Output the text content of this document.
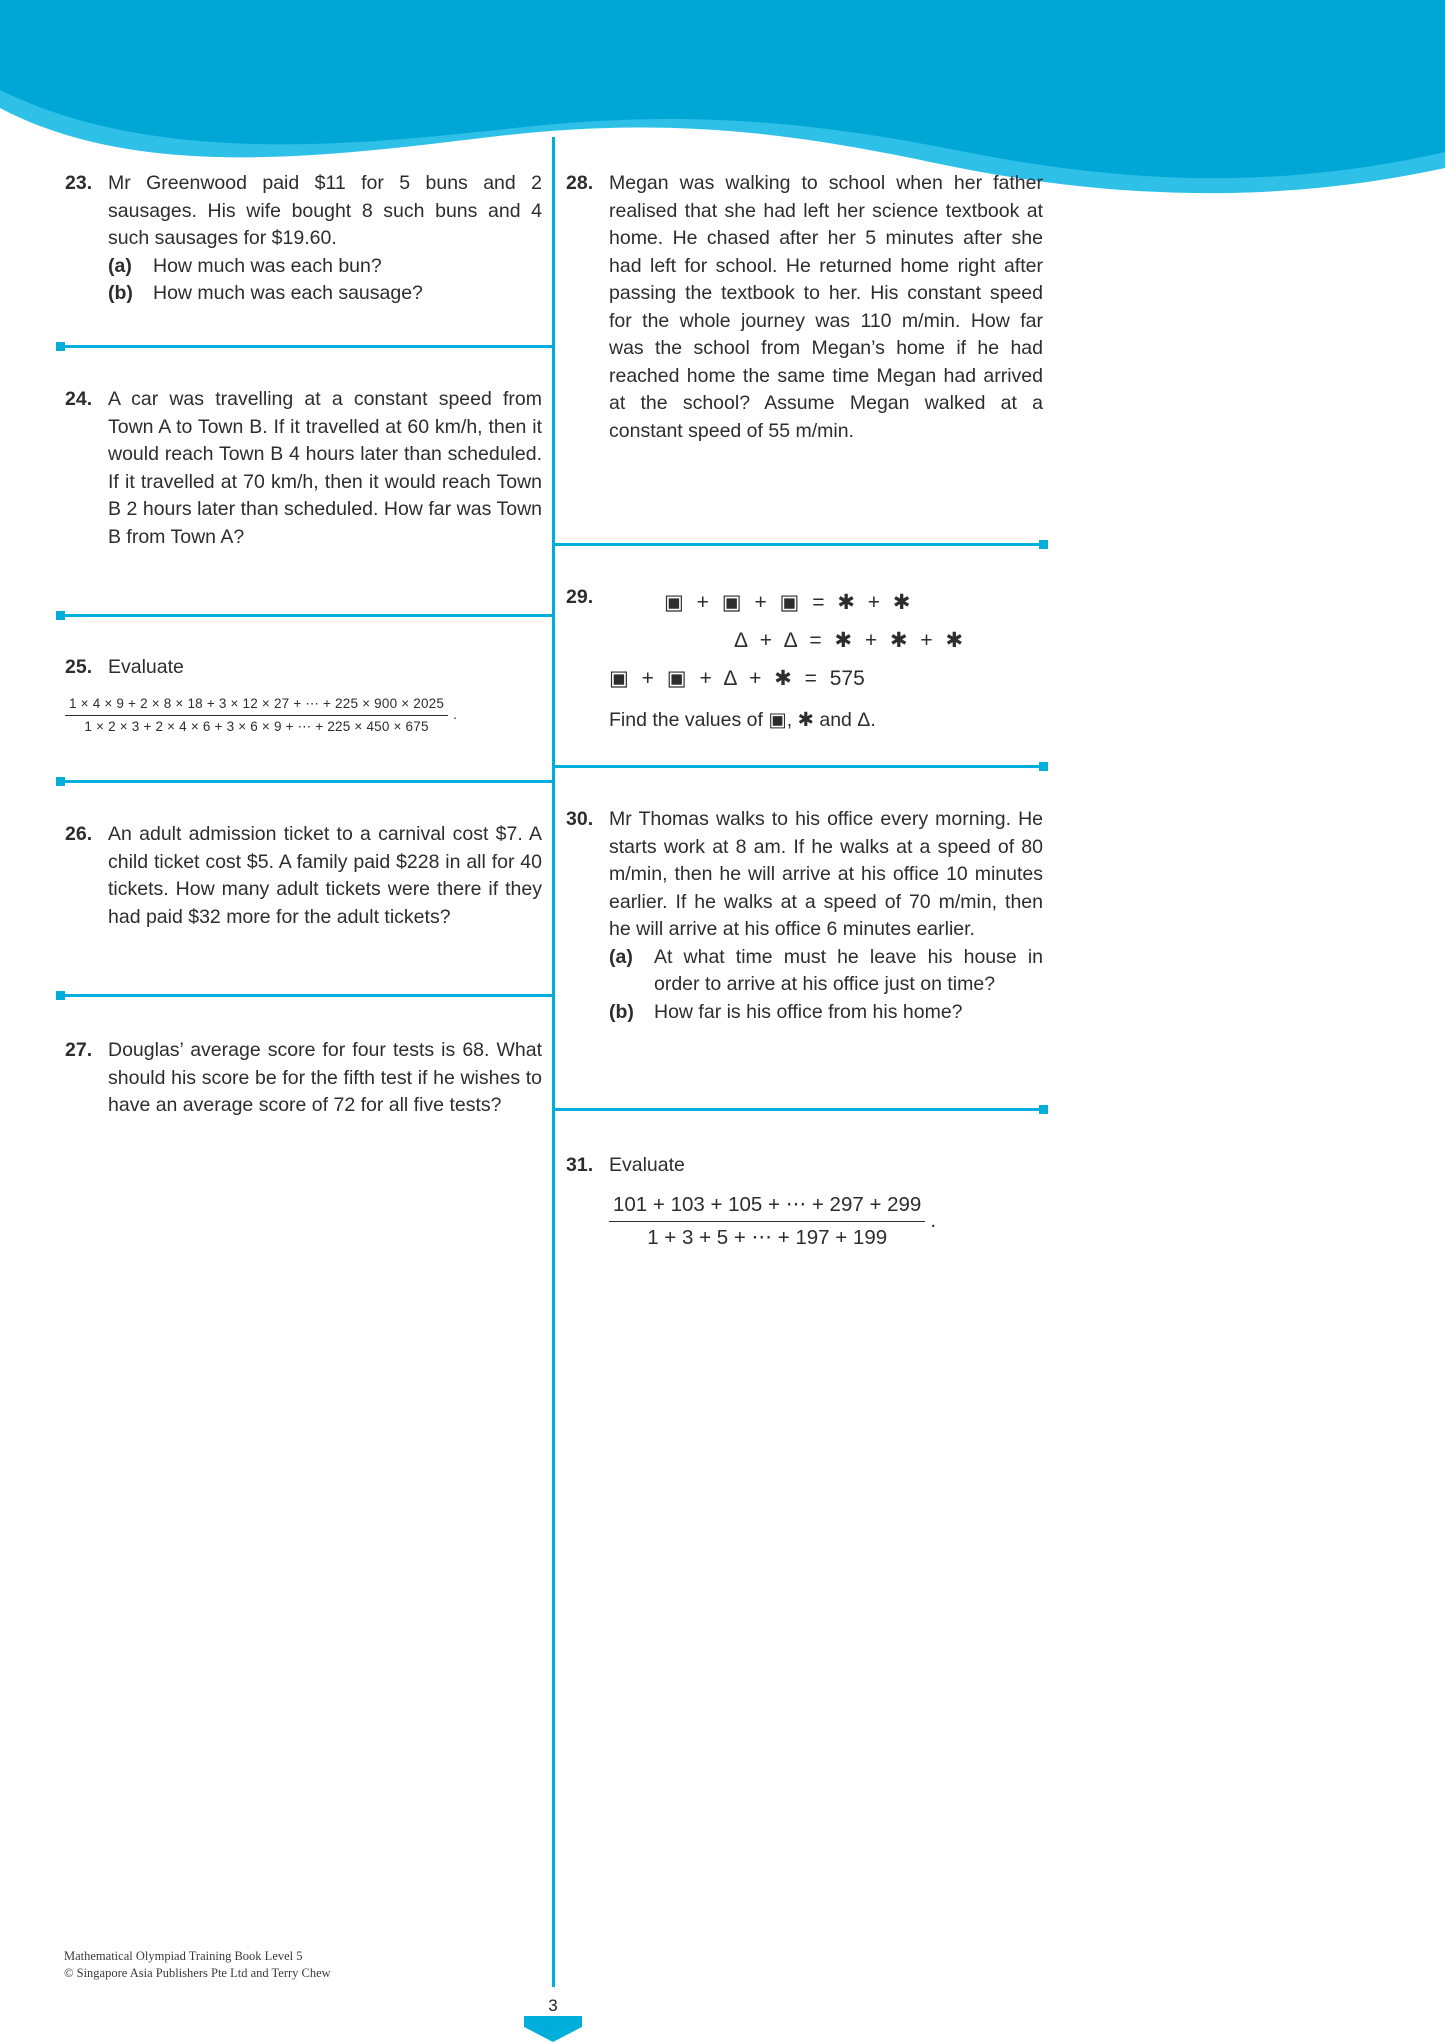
23. Mr Greenwood paid $11 for 5 buns and 2 sausages. His wife bought 8 such buns and 4 such sausages for $19.60.
(a)	How much was each bun?
(b)	How much was each sausage?
24. A car was travelling at a constant speed from Town A to Town B. If it travelled at 60 km/h, then it would reach Town B 4 hours later than scheduled. If it travelled at 70 km/h, then it would reach Town B 2 hours later than scheduled. How far was Town B from Town A?
25. Evaluate
$\frac{1 \times 4 \times 9 + 2 \times 8 \times 18 + 3 \times 12 \times 27 + \cdots + 225 \times 900 \times 2025}{1 \times 2 \times 3 + 2 \times 4 \times 6 + 3 \times 6 \times 9 + \cdots + 225 \times 450 \times 675}$ .
26. An adult admission ticket to a carnival cost $7. A child ticket cost $5. A family paid $228 in all for 40 tickets. How many adult tickets were there if they had paid $32 more for the adult tickets?
27. Douglas’ average score for four tests is 68. What should his score be for the fifth test if he wishes to have an average score of 72 for all five tests?
28. Megan was walking to school when her father realised that she had left her science textbook at home. He chased after her 5 minutes after she had left for school. He returned home right after passing the textbook to her. His constant speed for the whole journey was 110 m/min. How far was the school from Megan’s home if he had reached home the same time Megan had arrived at the school? Assume Megan walked at a constant speed of 55 m/min.
29.	▣ + ▣ + ▣ = ✱ + ✱
Δ + Δ = ✱ + ✱ + ✱
▣ + ▣ + Δ + ✱ = 575
Find the values of ▣, ✱ and Δ.
30. Mr Thomas walks to his office every morning. He starts work at 8 am. If he walks at a speed of 80 m/min, then he will arrive at his office 10 minutes earlier. If he walks at a speed of 70 m/min, then he will arrive at his office 6 minutes earlier.
(a)	At what time must he leave his house in order to arrive at his office just on time?
(b)	How far is his office from his home?
31. Evaluate
$\frac{101 + 103 + 105 + \cdots + 297 + 299}{1 + 3 + 5 + \cdots + 197 + 199}$ .
Mathematical Olympiad Training Book Level 5
© Singapore Asia Publishers Pte Ltd and Terry Chew
3
